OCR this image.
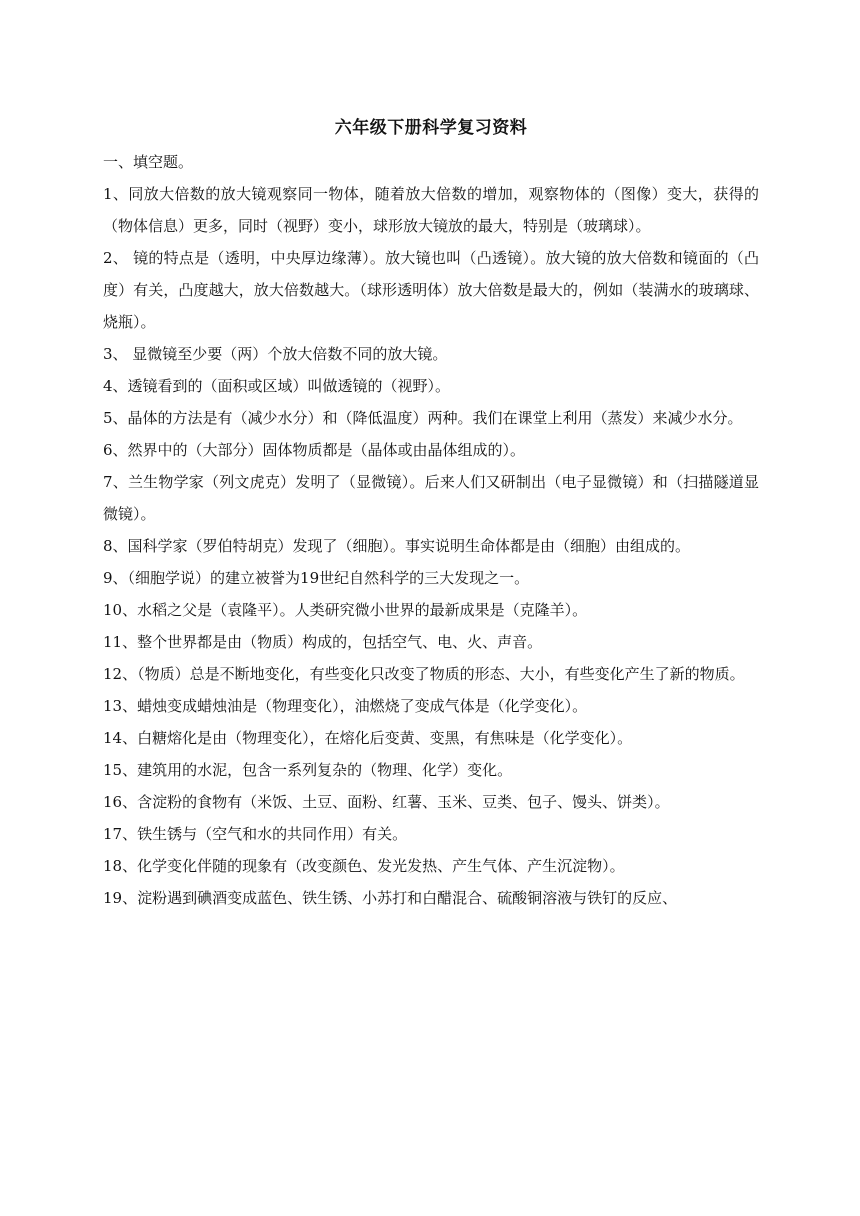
六年级下册科学复习资料
一、填空题。

1、同放大倍数的放大镜观察同一物体，随着放大倍数的增加，观察物体的（图像）变大，获得的（物体信息）更多，同时（视野）变小，球形放大镜放的最大，特别是（玻璃球）。

2、 镜的特点是（透明，中央厚边缘薄）。放大镜也叫（凸透镜）。放大镜的放大倍数和镜面的（凸度）有关，凸度越大，放大倍数越大。（球形透明体）放大倍数是最大的，例如（装满水的玻璃球、烧瓶）。

3、 显微镜至少要（两）个放大倍数不同的放大镜。

4、透镜看到的（面积或区域）叫做透镜的（视野）。

5、晶体的方法是有（减少水分）和（降低温度）两种。我们在课堂上利用（蒸发）来减少水分。

6、然界中的（大部分）固体物质都是（晶体或由晶体组成的）。

7、兰生物学家（列文虎克）发明了（显微镜）。后来人们又研制出（电子显微镜）和（扫描隧道显微镜）。

8、国科学家（罗伯特胡克）发现了（细胞）。事实说明生命体都是由（细胞）由组成的。

9、（细胞学说）的建立被誉为19世纪自然科学的三大发现之一。

10、水稻之父是（袁隆平）。人类研究微小世界的最新成果是（克隆羊）。

11、整个世界都是由（物质）构成的，包括空气、电、火、声音。

12、（物质）总是不断地变化，有些变化只改变了物质的形态、大小，有些变化产生了新的物质。

13、蜡烛变成蜡烛油是（物理变化），油燃烧了变成气体是（化学变化）。

14、白糖熔化是由（物理变化），在熔化后变黄、变黑，有焦味是（化学变化）。

15、建筑用的水泥，包含一系列复杂的（物理、化学）变化。

16、含淀粉的食物有（米饭、土豆、面粉、红薯、玉米、豆类、包子、馒头、饼类）。

17、铁生锈与（空气和水的共同作用）有关。

18、化学变化伴随的现象有（改变颜色、发光发热、产生气体、产生沉淀物）。

19、淀粉遇到碘酒变成蓝色、铁生锈、小苏打和白醋混合、硫酸铜溶液与铁钉的反应、
